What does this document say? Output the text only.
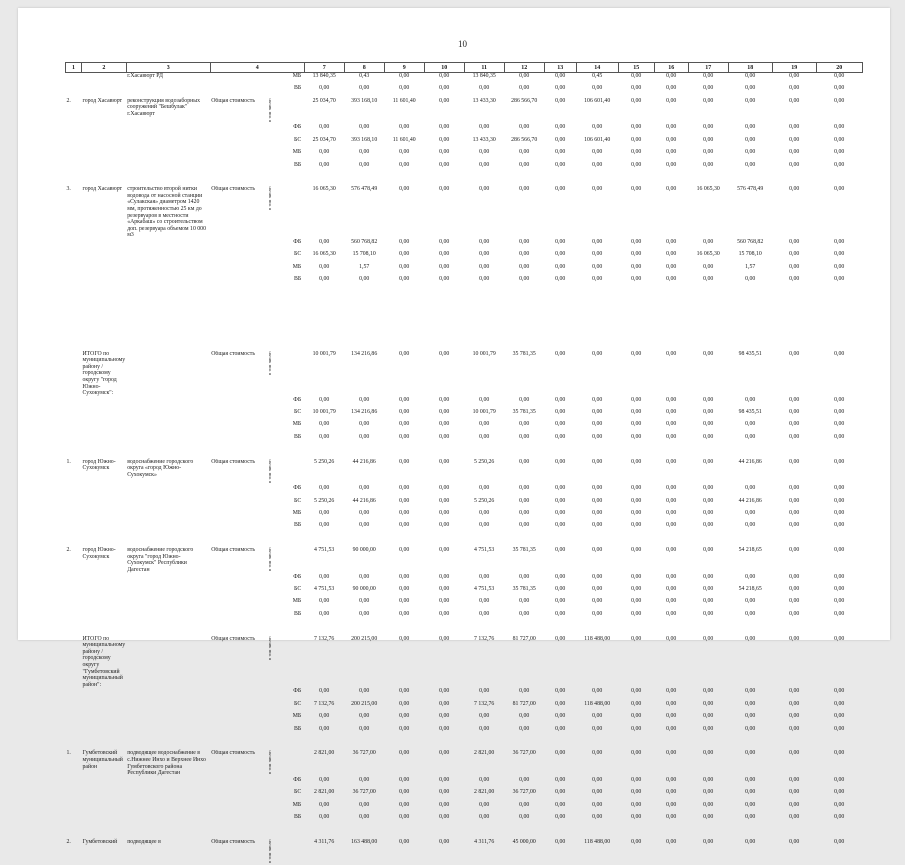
10
1	2	3	4			7	8	9	10	11	12	13	14	15	16	17	18	19	20
		г.Хасавюрт РД			МБ	13 840,35	0,43	0,00	0,00	13 840,35	0,00	0,00	0,45	0,00	0,00	0,00	0,00	0,00	0,00
					ВБ	0,00	0,00	0,00	0,00	0,00	0,00	0,00	0,00	0,00	0,00	0,00	0,00	0,00	0,00
2.	город Хасавюрт	реконструкция водозаборных сооружений "Бешбулак" г.Хасавюрт	Общая стоимость	в том числе:		25 034,70	393 168,10	11 601,40	0,00	13 433,30	286 566,70	0,00	106 601,40	0,00	0,00	0,00	0,00	0,00	0,00
					ФБ	0,00	0,00	0,00	0,00	0,00	0,00	0,00	0,00	0,00	0,00	0,00	0,00	0,00	0,00
					БС	25 034,70	393 168,10	11 601,40	0,00	13 433,30	286 566,70	0,00	106 601,40	0,00	0,00	0,00	0,00	0,00	0,00
					МБ	0,00	0,00	0,00	0,00	0,00	0,00	0,00	0,00	0,00	0,00	0,00	0,00	0,00	0,00
					ВБ	0,00	0,00	0,00	0,00	0,00	0,00	0,00	0,00	0,00	0,00	0,00	0,00	0,00	0,00

3.	город Хасавюрт	строительство второй нитки водовода от насосной станции «Сулакская» диаметром 1420 мм, протяженностью 25 км до резервуаров в местности «Аркабаш» со строительством доп. резервуара объемом 10 000 м3	Общая стоимость	в том числе:		16 065,30	576 478,49	0,00	0,00	0,00	0,00	0,00	0,00	0,00	0,00	16 065,30	576 478,49	0,00	0,00
					ФБ	0,00	560 768,82	0,00	0,00	0,00	0,00	0,00	0,00	0,00	0,00	0,00	560 768,82	0,00	0,00
					БС	16 065,30	15 708,10	0,00	0,00	0,00	0,00	0,00	0,00	0,00	0,00	16 065,30	15 708,10	0,00	0,00
					МБ	0,00	1,57	0,00	0,00	0,00	0,00	0,00	0,00	0,00	0,00	0,00	1,57	0,00	0,00
					ВБ	0,00	0,00	0,00	0,00	0,00	0,00	0,00	0,00	0,00	0,00	0,00	0,00	0,00	0,00

	ИТОГО по муниципальному району / городскому округу "город Южно-Сухокумск":		Общая стоимость	в том числе:		10 001,79	134 216,86	0,00	0,00	10 001,79	35 781,35	0,00	0,00	0,00	0,00	0,00	98 435,51	0,00	0,00
					ФБ	0,00	0,00	0,00	0,00	0,00	0,00	0,00	0,00	0,00	0,00	0,00	0,00	0,00	0,00
					БС	10 001,79	134 216,86	0,00	0,00	10 001,79	35 781,35	0,00	0,00	0,00	0,00	0,00	98 435,51	0,00	0,00
					МБ	0,00	0,00	0,00	0,00	0,00	0,00	0,00	0,00	0,00	0,00	0,00	0,00	0,00	0,00
					ВБ	0,00	0,00	0,00	0,00	0,00	0,00	0,00	0,00	0,00	0,00	0,00	0,00	0,00	0,00

1.	город Южно-Сухокумск	водоснабжение городского округа «город Южно-Сухокумск»	Общая стоимость	в том числе:		5 250,26	44 216,86	0,00	0,00	5 250,26	0,00	0,00	0,00	0,00	0,00	0,00	44 216,86	0,00	0,00
					ФБ	0,00	0,00	0,00	0,00	0,00	0,00	0,00	0,00	0,00	0,00	0,00	0,00	0,00	0,00
					БС	5 250,26	44 216,86	0,00	0,00	5 250,26	0,00	0,00	0,00	0,00	0,00	0,00	44 216,86	0,00	0,00
					МБ	0,00	0,00	0,00	0,00	0,00	0,00	0,00	0,00	0,00	0,00	0,00	0,00	0,00	0,00
					ВБ	0,00	0,00	0,00	0,00	0,00	0,00	0,00	0,00	0,00	0,00	0,00	0,00	0,00	0,00

2.	город Южно-Сухокумск	водоснабжение городского округа "город Южно-Сухокумск" Республики Дагестан	Общая стоимость	в том числе:		4 751,53	90 000,00	0,00	0,00	4 751,53	35 781,35	0,00	0,00	0,00	0,00	0,00	54 218,65	0,00	0,00
					ФБ	0,00	0,00	0,00	0,00	0,00	0,00	0,00	0,00	0,00	0,00	0,00	0,00	0,00	0,00
					БС	4 751,53	90 000,00	0,00	0,00	4 751,53	35 781,35	0,00	0,00	0,00	0,00	0,00	54 218,65	0,00	0,00
					МБ	0,00	0,00	0,00	0,00	0,00	0,00	0,00	0,00	0,00	0,00	0,00	0,00	0,00	0,00
					ВБ	0,00	0,00	0,00	0,00	0,00	0,00	0,00	0,00	0,00	0,00	0,00	0,00	0,00	0,00

	ИТОГО по муниципальному району / городскому округу "Гумбетовский муниципальный район":		Общая стоимость	в том числе:		7 132,76	200 215,00	0,00	0,00	7 132,76	81 727,00	0,00	118 488,00	0,00	0,00	0,00	0,00	0,00	0,00
					ФБ	0,00	0,00	0,00	0,00	0,00	0,00	0,00	0,00	0,00	0,00	0,00	0,00	0,00	0,00
					БС	7 132,76	200 215,00	0,00	0,00	7 132,76	81 727,00	0,00	118 488,00	0,00	0,00	0,00	0,00	0,00	0,00
					МБ	0,00	0,00	0,00	0,00	0,00	0,00	0,00	0,00	0,00	0,00	0,00	0,00	0,00	0,00
					ВБ	0,00	0,00	0,00	0,00	0,00	0,00	0,00	0,00	0,00	0,00	0,00	0,00	0,00	0,00

1.	Гумбетовский муниципальный район	подводящее водоснабжение в с.Нижнее Инхо и Верхнее Инхо Гумбетовского района Республики Дагестан	Общая стоимость	в том числе:		2 821,00	36 727,00	0,00	0,00	2 821,00	36 727,00	0,00	0,00	0,00	0,00	0,00	0,00	0,00	0,00
					ФБ	0,00	0,00	0,00	0,00	0,00	0,00	0,00	0,00	0,00	0,00	0,00	0,00	0,00	0,00
					БС	2 821,00	36 727,00	0,00	0,00	2 821,00	36 727,00	0,00	0,00	0,00	0,00	0,00	0,00	0,00	0,00
					МБ	0,00	0,00	0,00	0,00	0,00	0,00	0,00	0,00	0,00	0,00	0,00	0,00	0,00	0,00
					ВБ	0,00	0,00	0,00	0,00	0,00	0,00	0,00	0,00	0,00	0,00	0,00	0,00	0,00	0,00

2.	Гумбетовский	подводящее в	Общая стоимость	в том числе:		4 311,76	163 488,00	0,00	0,00	4 311,76	45 000,00	0,00	118 488,00	0,00	0,00	0,00	0,00	0,00	0,00
